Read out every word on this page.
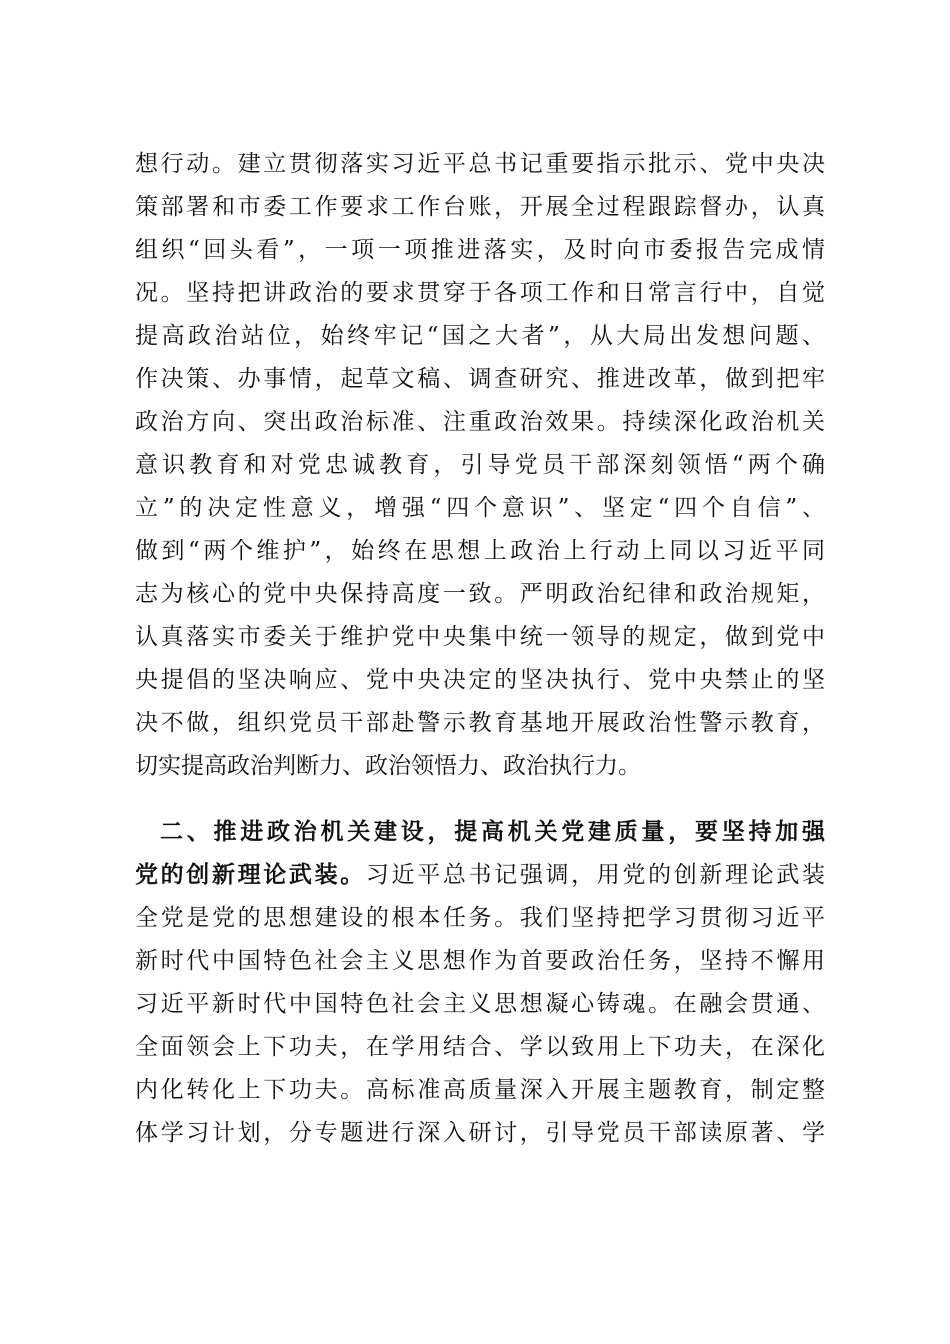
想行动。建立贯彻落实习近平总书记重要指示批示、党中央决
策部署和市委工作要求工作台账，开展全过程跟踪督办，认真
组织“回头看”，一项一项推进落实，及时向市委报告完成情
况。坚持把讲政治的要求贯穿于各项工作和日常言行中，自觉
提高政治站位，始终牢记“国之大者”，从大局出发想问题、
作决策、办事情，起草文稿、调查研究、推进改革，做到把牢
政治方向、突出政治标准、注重政治效果。持续深化政治机关
意识教育和对党忠诚教育，引导党员干部深刻领悟“两个确
立”的决定性意义，增强“四个意识”、坚定“四个自信”、
做到“两个维护”，始终在思想上政治上行动上同以习近平同
志为核心的党中央保持高度一致。严明政治纪律和政治规矩，
认真落实市委关于维护党中央集中统一领导的规定，做到党中
央提倡的坚决响应、党中央决定的坚决执行、党中央禁止的坚
决不做，组织党员干部赴警示教育基地开展政治性警示教育，
切实提高政治判断力、政治领悟力、政治执行力。
二、推进政治机关建设，提高机关党建质量，要坚持加强
党的创新理论武装。习近平总书记强调，用党的创新理论武装
全党是党的思想建设的根本任务。我们坚持把学习贯彻习近平
新时代中国特色社会主义思想作为首要政治任务，坚持不懈用
习近平新时代中国特色社会主义思想凝心铸魂。在融会贯通、
全面领会上下功夫，在学用结合、学以致用上下功夫，在深化
内化转化上下功夫。高标准高质量深入开展主题教育，制定整
体学习计划，分专题进行深入研讨，引导党员干部读原著、学
